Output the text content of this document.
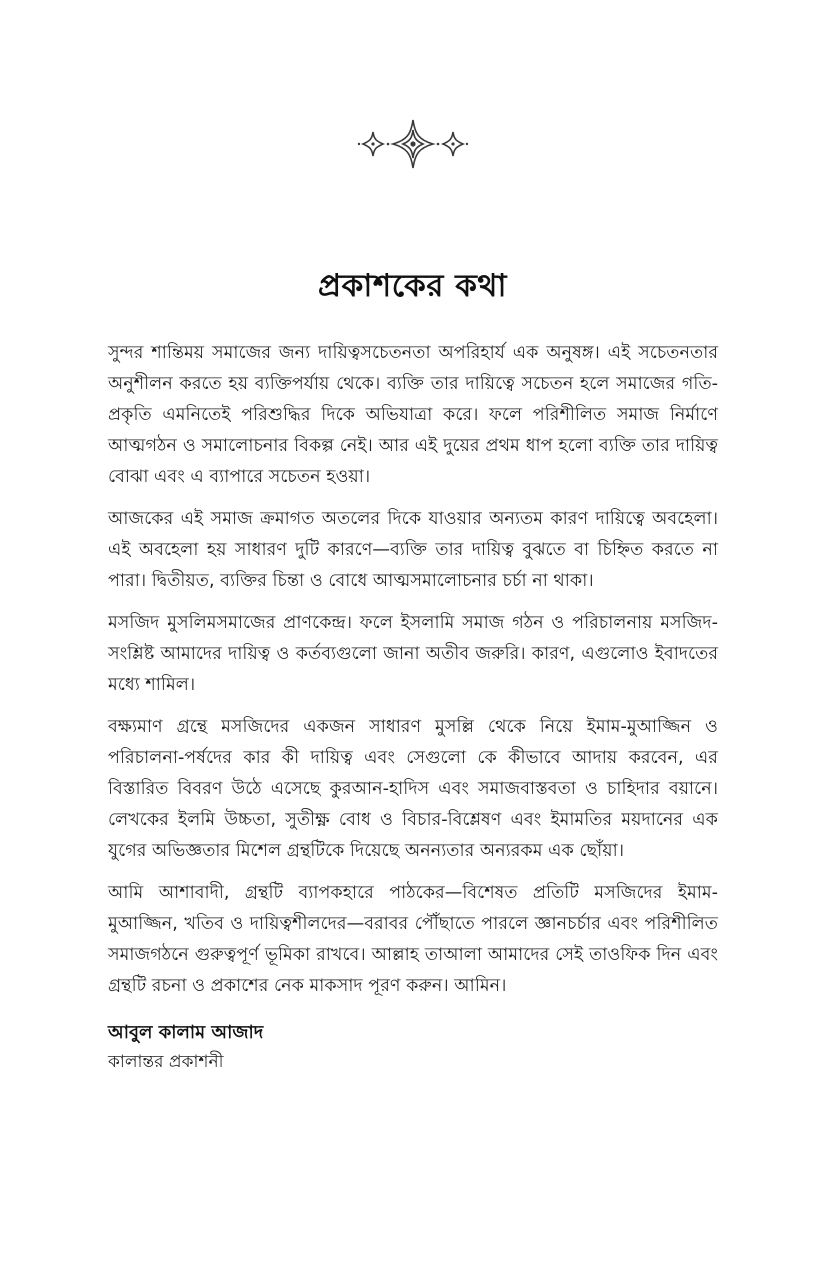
প্রকাশকের কথা

সুন্দর শান্তিময় সমাজের জন্য দায়িত্বসচেতনতা অপরিহার্য এক অনুষঙ্গ। এই সচেতনতার অনুশীলন করতে হয় ব্যক্তিপর্যায় থেকে। ব্যক্তি তার দায়িত্বে সচেতন হলে সমাজের গতি-প্রকৃতি এমনিতেই পরিশুদ্ধির দিকে অভিযাত্রা করে। ফলে পরিশীলিত সমাজ নির্মাণে আত্মগঠন ও সমালোচনার বিকল্প নেই। আর এই দুয়ের প্রথম ধাপ হলো ব্যক্তি তার দায়িত্ব বোঝা এবং এ ব্যাপারে সচেতন হওয়া।

আজকের এই সমাজ ক্রমাগত অতলের দিকে যাওয়ার অন্যতম কারণ দায়িত্বে অবহেলা। এই অবহেলা হয় সাধারণ দুটি কারণে—ব্যক্তি তার দায়িত্ব বুঝতে বা চিহ্নিত করতে না পারা। দ্বিতীয়ত, ব্যক্তির চিন্তা ও বোধে আত্মসমালোচনার চর্চা না থাকা।

মসজিদ মুসলিমসমাজের প্রাণকেন্দ্র। ফলে ইসলামি সমাজ গঠন ও পরিচালনায় মসজিদ-সংশ্লিষ্ট আমাদের দায়িত্ব ও কর্তব্যগুলো জানা অতীব জরুরি। কারণ, এগুলোও ইবাদতের মধ্যে শামিল।

বক্ষ্যমাণ গ্রন্থে মসজিদের একজন সাধারণ মুসল্লি থেকে নিয়ে ইমাম-মুআজ্জিন ও পরিচালনা-পর্ষদের কার কী দায়িত্ব এবং সেগুলো কে কীভাবে আদায় করবেন, এর বিস্তারিত বিবরণ উঠে এসেছে কুরআন-হাদিস এবং সমাজবাস্তবতা ও চাহিদার বয়ানে। লেখকের ইলমি উচ্চতা, সুতীক্ষ্ণ বোধ ও বিচার-বিশ্লেষণ এবং ইমামতির ময়দানের এক যুগের অভিজ্ঞতার মিশেল গ্রন্থটিকে দিয়েছে অনন্যতার অন্যরকম এক ছোঁয়া।

আমি আশাবাদী, গ্রন্থটি ব্যাপকহারে পাঠকের—বিশেষত প্রতিটি মসজিদের ইমাম-মুআজ্জিন, খতিব ও দায়িত্বশীলদের—বরাবর পৌঁছাতে পারলে জ্ঞানচর্চার এবং পরিশীলিত সমাজগঠনে গুরুত্বপূর্ণ ভূমিকা রাখবে। আল্লাহ তাআলা আমাদের সেই তাওফিক দিন এবং গ্রন্থটি রচনা ও প্রকাশের নেক মাকসাদ পূরণ করুন। আমিন।

আবুল কালাম আজাদ
কালান্তর প্রকাশনী
